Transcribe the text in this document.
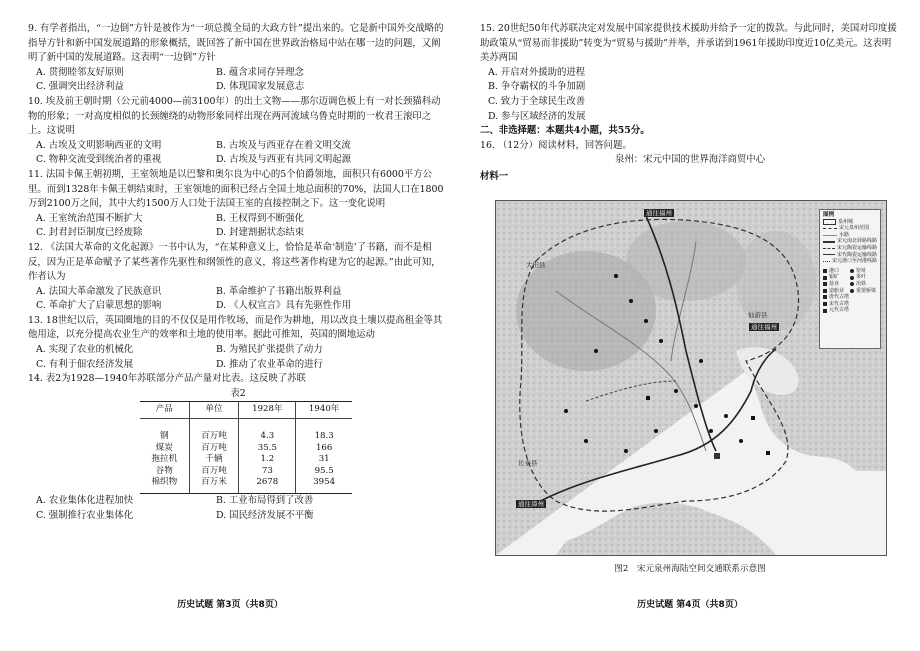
9. 有学者指出，“一边倒”方针是被作为“一项总揽全局的大政方针”提出来的。它是新中国外交战略的指导方针和新中国发展道路的形象概括，既回答了新中国在世界政治格局中站在哪一边的问题，又阐明了新中国的发展道路。这表明“一边倒”方针
A. 贯彻睦邻友好原则	B. 蕴含求同存异理念
C. 强调突出经济利益	D. 体现国家发展意志
10. 埃及前王朝时期（公元前4000—前3100年）的出土文物——那尔迈调色板上有一对长颈猫科动物的形象；一对高度相似的长颈缠绕的动物形象同样出现在两河流域乌鲁克时期的一枚君王滚印之上。这说明
A. 古埃及文明影响西亚的文明	B. 古埃及与西亚存在着文明交流
C. 物种交流受到统治者的重视	D. 古埃及与西亚有共同文明起源
11. 法国卡佩王朝初期，王室领地是以巴黎和奥尔良为中心的5个伯爵领地，面积只有6000平方公里。而到1328年卡佩王朝结束时，王室领地的面积已经占全国土地总面积的70%，法国人口在1800万到2100万之间，其中大约1500万人口处于法国王室的直接控制之下。这一变化说明
A. 王室统治范围不断扩大	B. 王权得到不断强化
C. 封君封臣制度已经废除	D. 封建割据状态结束
12. 《法国大革命的文化起源》一书中认为，“在某种意义上，恰恰是革命‘制造’了书籍，而不是相反，因为正是革命赋予了某些著作先驱性和纲领性的意义，将这些著作构建为它的起源。”由此可知，作者认为
A. 法国大革命激发了民族意识	B. 革命维护了书籍出版界利益
C. 革命扩大了启蒙思想的影响	D. 《人权宣言》具有先驱性作用
13. 18世纪以后，英国圈地的目的不仅仅是用作牧场，而是作为耕地，用以改良土壤以提高租金等其他用途，以充分提高农业生产的效率和土地的使用率。据此可推知，英国的圈地运动
A. 实现了农业的机械化	B. 为殖民扩张提供了动力
C. 有利于佃农经济发展	D. 推动了农业革命的进行
14. 表2为1928—1940年苏联部分产品产量对比表。这反映了苏联
表2
产品	单位	1928年	1940年
钢	百万吨	4.3	18.3
煤炭	百万吨	35.5	166
拖拉机	千辆	1.2	31
谷物	百万吨	73	95.5
棉织物	百万米	2678	3954
A. 农业集体化进程加快	B. 工业布局得到了改善
C. 强制推行农业集体化	D. 国民经济发展不平衡
历史试题 第3页（共8页）
15. 20世纪50年代苏联决定对发展中国家提供技术援助并给予一定的拨款。与此同时，美国对印度援助政策从“贸易而非援助”转变为“贸易与援助”并举，并承诺到1961年援助印度近10亿美元。这表明美苏两国
A. 开启对外援助的进程
B. 争夺霸权的斗争加剧
C. 致力于全球民生改善
D. 参与区域经济的发展
二、非选择题：本题共4小题，共55分。
16. （12分）阅读材料，回答问题。
泉州：宋元中国的世界海洋商贸中心
材料一
通往福州
大田县
仙游县
通往福州
长泰县
通往漳州
图例
泉州城
宋元泉州范围
水路
宋元南北驿路线路
宋元陶瓷运输线路
宋代陶瓷运输线路
宋元港口至河港线路
港口	窑址
银矿	茶叶
盐业	冶铁
造船业 重要桥梁
唐代古塔
宋代古塔
元代古塔
图2　宋元泉州海陆空间交通联系示意图
历史试题 第4页（共8页）
